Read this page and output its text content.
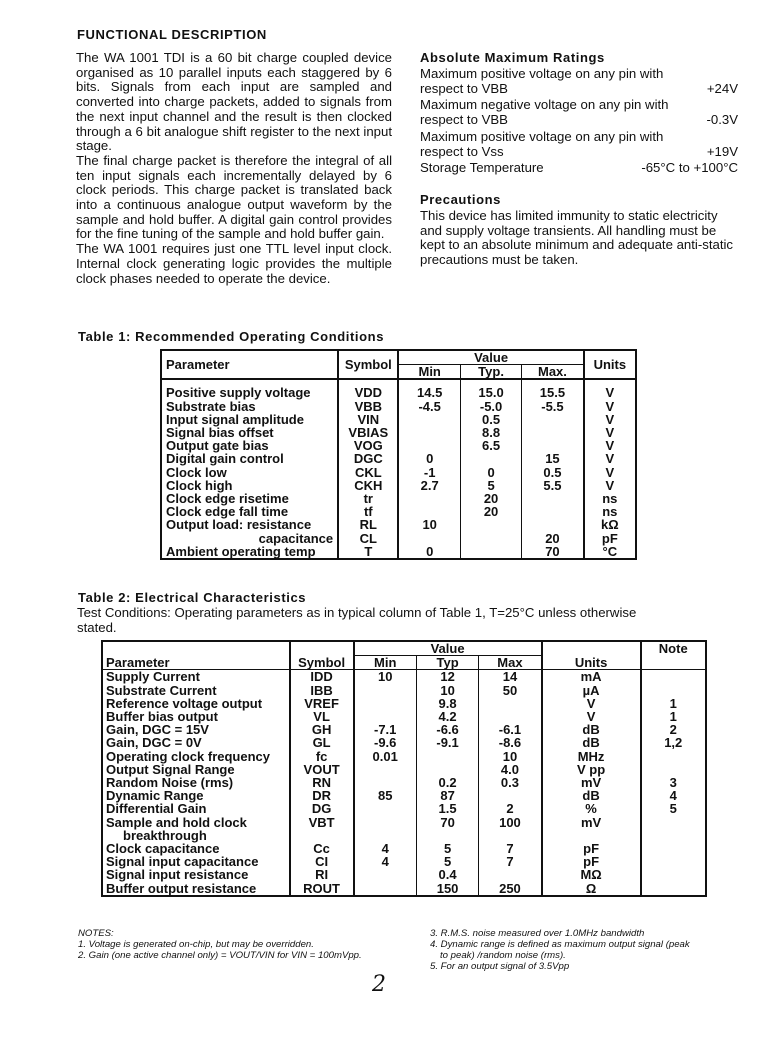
FUNCTIONAL DESCRIPTION

The WA 1001 TDI is a 60 bit charge coupled device organised as 10 parallel inputs each staggered by 6 bits. Signals from each input are sampled and converted into charge packets, added to signals from the next input channel and the result is then clocked through a 6 bit analogue shift register to the next input stage.

The final charge packet is therefore the integral of all ten input signals each incrementally delayed by 6 clock periods. This charge packet is translated back into a continuous analogue output waveform by the sample and hold buffer. A digital gain control provides for the fine tuning of the sample and hold buffer gain.

The WA 1001 requires just one TTL level input clock. Internal clock generating logic provides the multiple clock phases needed to operate the device.

Absolute Maximum Ratings
Maximum positive voltage on any pin with
respect to VBB	+24V
Maximum negative voltage on any pin with
respect to VBB	-0.3V
Maximum positive voltage on any pin with
respect to Vss	+19V
Storage Temperature	-65°C to +100°C
Precautions
This device has limited immunity to static electricity and supply voltage transients. All handling must be kept to an absolute minimum and adequate anti-static precautions must be taken.
Table 1: Recommended Operating Conditions
Parameter	Symbol	Value			Units
		Min	Typ.	Max.	
Positive supply voltage	VDD	14.5	15.0	15.5	V
Substrate bias	VBB	-4.5	-5.0	-5.5	V
Input signal amplitude	VIN		0.5		V
Signal bias offset	VBIAS		8.8		V
Output gate bias	VOG		6.5		V
Digital gain control	DGC	0		15	V
Clock low	CKL	-1	0	0.5	V
Clock high	CKH	2.7	5	5.5	V
Clock edge risetime	tr		20		ns
Clock edge fall time	tf		20		ns
Output load: resistance	RL	10			kΩ
capacitance	CL			20	pF
Ambient operating temp	T	0		70	°C
Table 2: Electrical Characteristics
Test Conditions: Operating parameters as in typical column of Table 1, T=25°C unless otherwise stated.
Parameter	Symbol	Value			Units	Note
		Min	Typ	Max		
Supply Current	IDD	10	12	14	mA	
Substrate Current	IBB		10	50	µA	
Reference voltage output	VREF		9.8		V	1
Buffer bias output	VL		4.2		V	1
Gain, DGC = 15V	GH	-7.1	-6.6	-6.1	dB	2
Gain, DGC = 0V	GL	-9.6	-9.1	-8.6	dB	1,2
Operating clock frequency	fc	0.01		10	MHz	
Output Signal Range	VOUT			4.0	V pp	
Random Noise (rms)	RN		0.2	0.3	mV	3
Dynamic Range	DR	85	87		dB	4
Differential Gain	DG		1.5	2	%	5
Sample and hold clock	VBT		70	100	mV	
breakthrough						
Clock capacitance	Cc	4	5	7	pF	
Signal input capacitance	CI	4	5	7	pF	
Signal input resistance	RI		0.4		MΩ	
Buffer output resistance	ROUT		150	250	Ω	

NOTES:

1. Voltage is generated on-chip, but may be overridden.

2. Gain (one active channel only) = VOUT/VIN for VIN = 100mVpp.

3. R.M.S. noise measured over 1.0MHz bandwidth

4. Dynamic range is defined as maximum output signal (peak

to peak) /random noise (rms).

5. For an output signal of 3.5Vpp

2
